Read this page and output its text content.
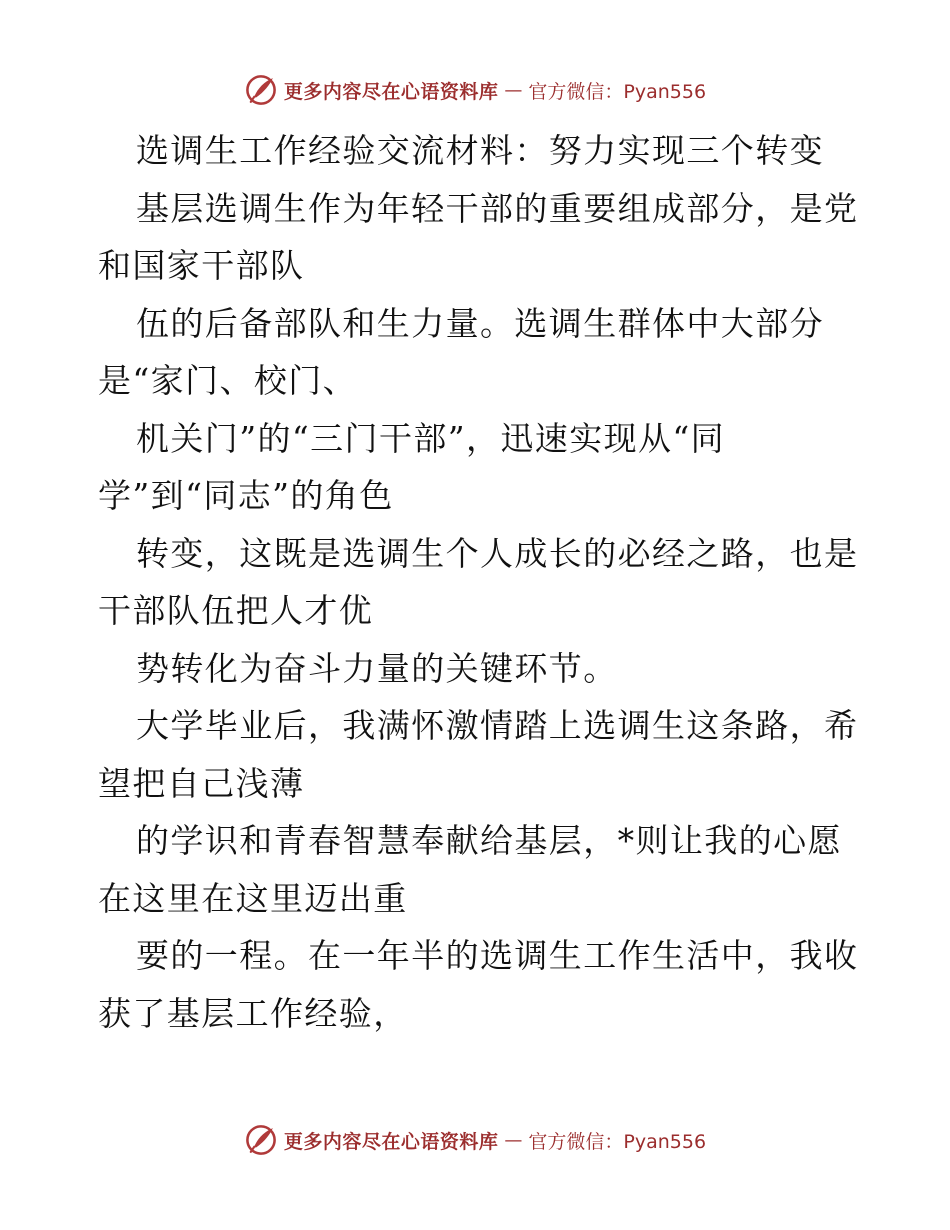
更多内容尽在心语资料库 — 官方微信：Pyan556
选调生工作经验交流材料：努力实现三个转变
基层选调生作为年轻干部的重要组成部分，是党
和国家干部队
伍的后备部队和生力量。选调生群体中大部分
是“家门、校门、
机关门”的“三门干部”，迅速实现从“同
学”到“同志”的角色
转变，这既是选调生个人成长的必经之路，也是
干部队伍把人才优
势转化为奋斗力量的关键环节。
大学毕业后，我满怀激情踏上选调生这条路，希
望把自己浅薄
的学识和青春智慧奉献给基层，*则让我的心愿
在这里在这里迈出重
要的一程。在一年半的选调生工作生活中，我收
获了基层工作经验，
更多内容尽在心语资料库 — 官方微信：Pyan556
